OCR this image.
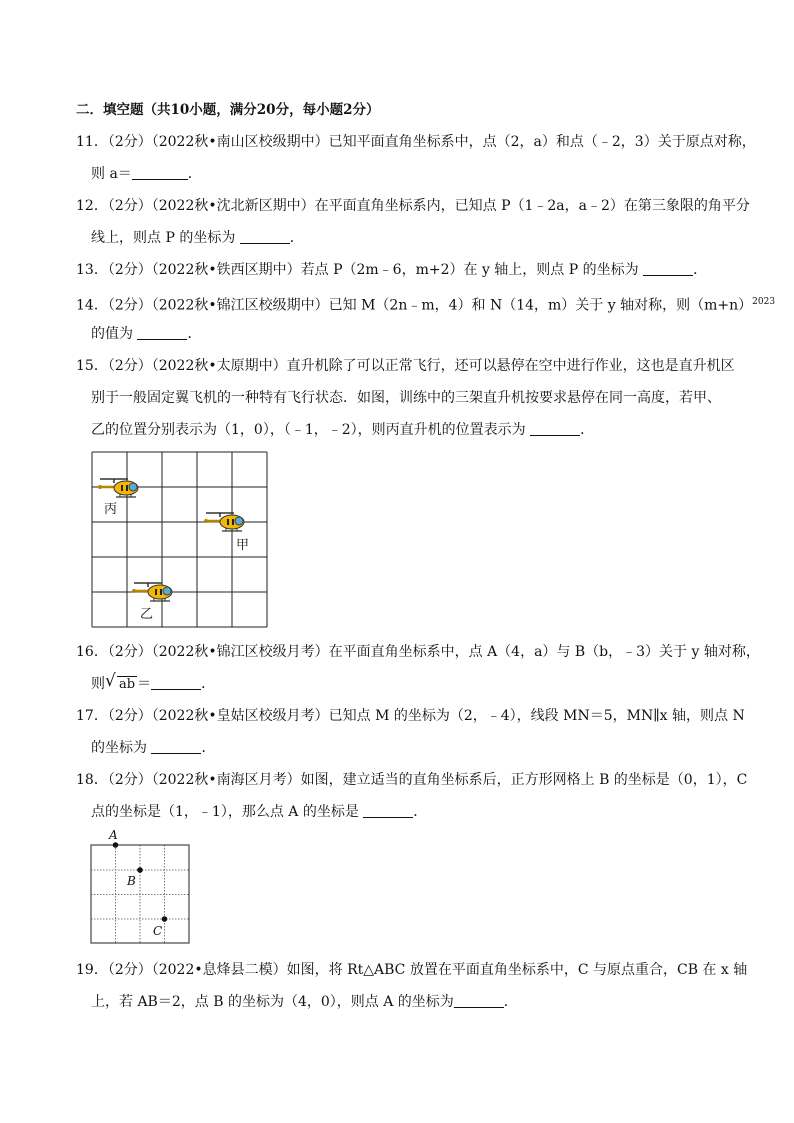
二．填空题（共10小题，满分20分，每小题2分）
11．（2分）（2022秋•南山区校级期中）已知平面直角坐标系中，点（2，a）和点（﹣2，3）关于原点对称，
则 a＝	．
12．（2分）（2022秋•沈北新区期中）在平面直角坐标系内，已知点 P（1﹣2a，a﹣2）在第三象限的角平分
线上，则点 P 的坐标为	．
13．（2分）（2022秋•铁西区期中）若点 P（2m﹣6，m+2）在 y 轴上，则点 P 的坐标为	．
14．（2分）（2022秋•锦江区校级期中）已知 M（2n﹣m，4）和 N（14，m）关于 y 轴对称，则$(m+n)^{2023}$
的值为	．
15．（2分）（2022秋•太原期中）直升机除了可以正常飞行，还可以悬停在空中进行作业，这也是直升机区
别于一般固定翼飞机的一种特有飞行状态．如图，训练中的三架直升机按要求悬停在同一高度，若甲、
乙的位置分别表示为（1，0），（﹣1，﹣2），则丙直升机的位置表示为	．
丙
甲
乙
16．（2分）（2022秋•锦江区校级月考）在平面直角坐标系中，点 A（4，a）与 B（b，﹣3）关于 y 轴对称，
则 √ ab ＝	．
17．（2分）（2022秋•皇姑区校级月考）已知点 M 的坐标为（2，﹣4），线段 MN＝5，MN∥x 轴，则点 N
的坐标为	．
18．（2分）（2022秋•南海区月考）如图，建立适当的直角坐标系后，正方形网格上 B 的坐标是（0，1），C
点的坐标是（1，﹣1），那么点 A 的坐标是	．
A
B
C
19．（2分）（2022•息烽县二模）如图，将 Rt△ABC 放置在平面直角坐标系中，C 与原点重合，CB 在 x 轴
上，若 AB＝2，点 B 的坐标为（4，0），则点 A 的坐标为	．
